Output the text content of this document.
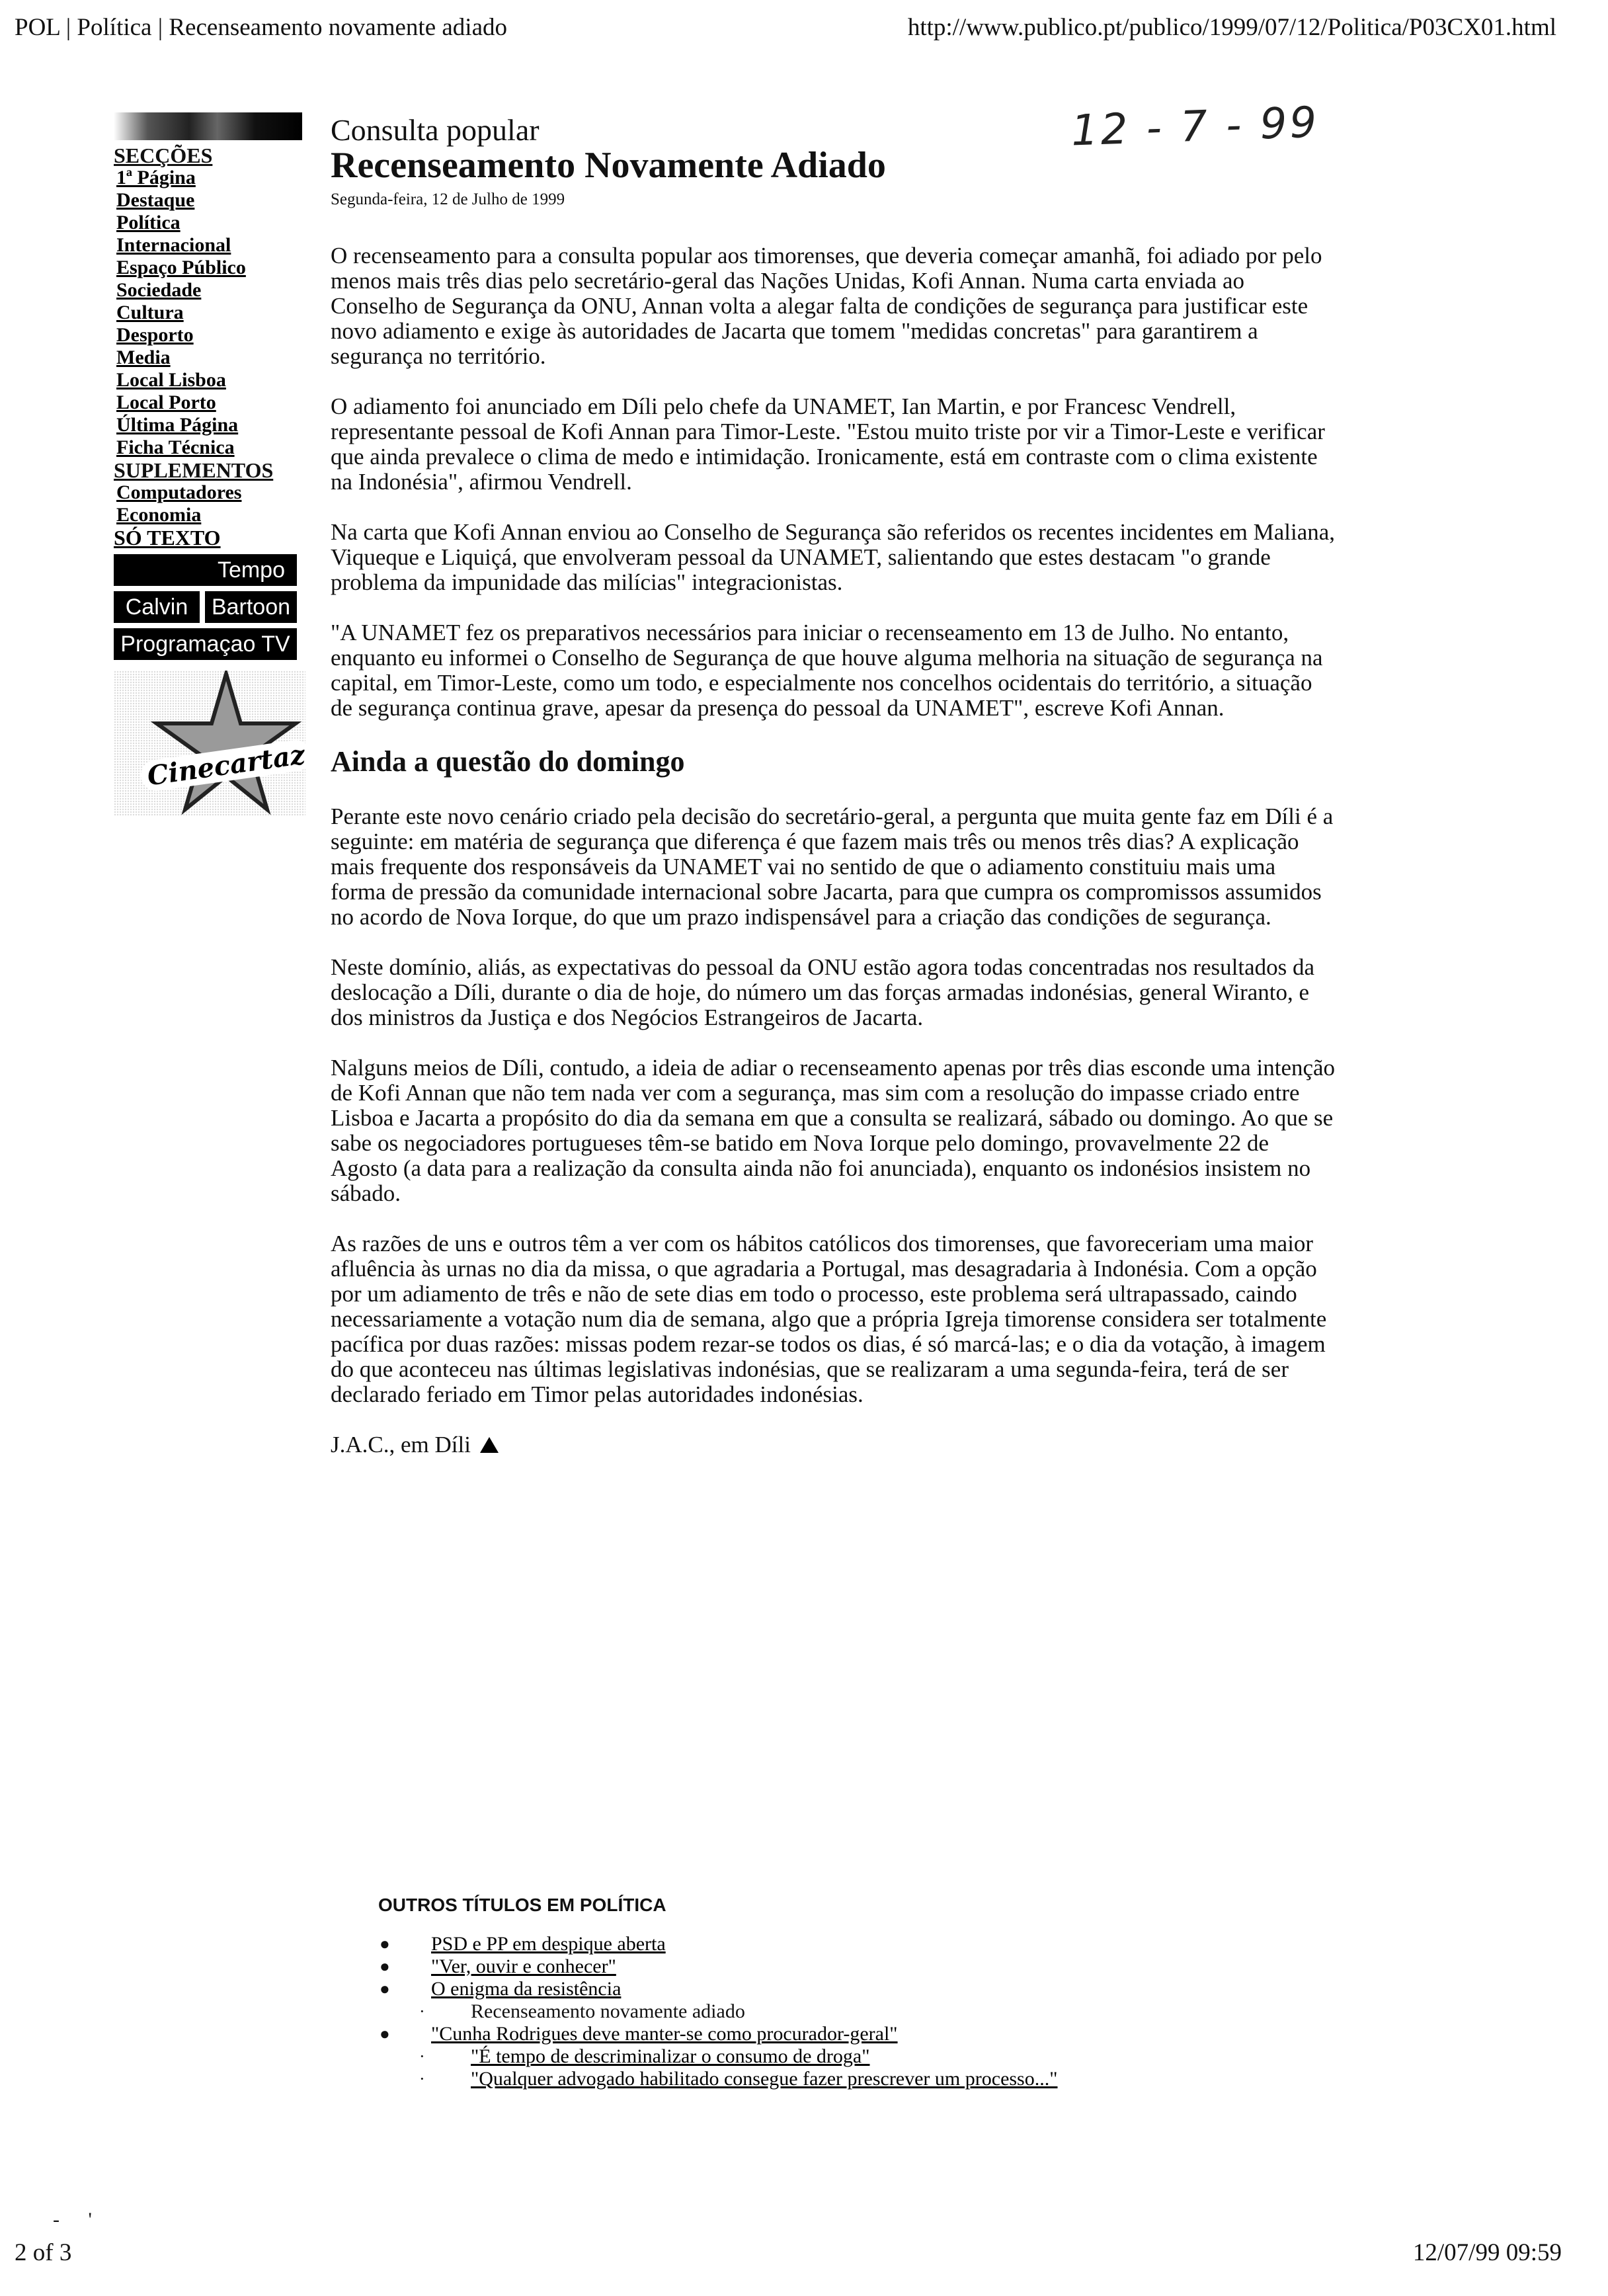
POL | Política | Recenseamento novamente adiado	http://www.publico.pt/publico/1999/07/12/Politica/P03CX01.html
SECÇÕES
1ª Página
Destaque
Política
Internacional
Espaço Público
Sociedade
Cultura
Desporto
Media
Local Lisboa
Local Porto
Última Página
Ficha Técnica
SUPLEMENTOS
Computadores
Economia
SÓ TEXTO
Tempo
Calvin	Bartoon
Programaçao TV
Cinecartaz
Consulta popular
Recenseamento Novamente Adiado
Segunda-feira, 12 de Julho de 1999
12 - 7 - 99

O recenseamento para a consulta popular aos timorenses, que deveria começar amanhã, foi adiado por pelo menos mais três dias pelo secretário-geral das Nações Unidas, Kofi Annan. Numa carta enviada ao Conselho de Segurança da ONU, Annan volta a alegar falta de condições de segurança para justificar este novo adiamento e exige às autoridades de Jacarta que tomem "medidas concretas" para garantirem a segurança no território.

O adiamento foi anunciado em Díli pelo chefe da UNAMET, Ian Martin, e por Francesc Vendrell, representante pessoal de Kofi Annan para Timor-Leste. "Estou muito triste por vir a Timor-Leste e verificar que ainda prevalece o clima de medo e intimidação. Ironicamente, está em contraste com o clima existente na Indonésia", afirmou Vendrell.

Na carta que Kofi Annan enviou ao Conselho de Segurança são referidos os recentes incidentes em Maliana, Viqueque e Liquiçá, que envolveram pessoal da UNAMET, salientando que estes destacam "o grande problema da impunidade das milícias" integracionistas.

"A UNAMET fez os preparativos necessários para iniciar o recenseamento em 13 de Julho. No entanto, enquanto eu informei o Conselho de Segurança de que houve alguma melhoria na situação de segurança na capital, em Timor-Leste, como um todo, e especialmente nos concelhos ocidentais do território, a situação de segurança continua grave, apesar da presença do pessoal da UNAMET", escreve Kofi Annan.

Ainda a questão do domingo

Perante este novo cenário criado pela decisão do secretário-geral, a pergunta que muita gente faz em Díli é a seguinte: em matéria de segurança que diferença é que fazem mais três ou menos três dias? A explicação mais frequente dos responsáveis da UNAMET vai no sentido de que o adiamento constituiu mais uma forma de pressão da comunidade internacional sobre Jacarta, para que cumpra os compromissos assumidos no acordo de Nova Iorque, do que um prazo indispensável para a criação das condições de segurança.

Neste domínio, aliás, as expectativas do pessoal da ONU estão agora todas concentradas nos resultados da deslocação a Díli, durante o dia de hoje, do número um das forças armadas indonésias, general Wiranto, e dos ministros da Justiça e dos Negócios Estrangeiros de Jacarta.

Nalguns meios de Díli, contudo, a ideia de adiar o recenseamento apenas por três dias esconde uma intenção de Kofi Annan que não tem nada ver com a segurança, mas sim com a resolução do impasse criado entre Lisboa e Jacarta a propósito do dia da semana em que a consulta se realizará, sábado ou domingo. Ao que se sabe os negociadores portugueses têm-se batido em Nova Iorque pelo domingo, provavelmente 22 de Agosto (a data para a realização da consulta ainda não foi anunciada), enquanto os indonésios insistem no sábado.

As razões de uns e outros têm a ver com os hábitos católicos dos timorenses, que favoreceriam uma maior afluência às urnas no dia da missa, o que agradaria a Portugal, mas desagradaria à Indonésia. Com a opção por um adiamento de três e não de sete dias em todo o processo, este problema será ultrapassado, caindo necessariamente a votação num dia de semana, algo que a própria Igreja timorense considera ser totalmente pacífica por duas razões: missas podem rezar-se todos os dias, é só marcá-las; e o dia da votação, à imagem do que aconteceu nas últimas legislativas indonésias, que se realizaram a uma segunda-feira, terá de ser declarado feriado em Timor pelas autoridades indonésias.

J.A.C., em Díli
OUTROS TÍTULOS EM POLÍTICA
● PSD e PP em despique aberta
● "Ver, ouvir e conhecer"
● O enigma da resistência
· Recenseamento novamente adiado
● "Cunha Rodrigues deve manter-se como procurador-geral"
· "É tempo de descriminalizar o consumo de droga"
· "Qualquer advogado habilitado consegue fazer prescrever um processo..."
- '
2 of 3	12/07/99 09:59
